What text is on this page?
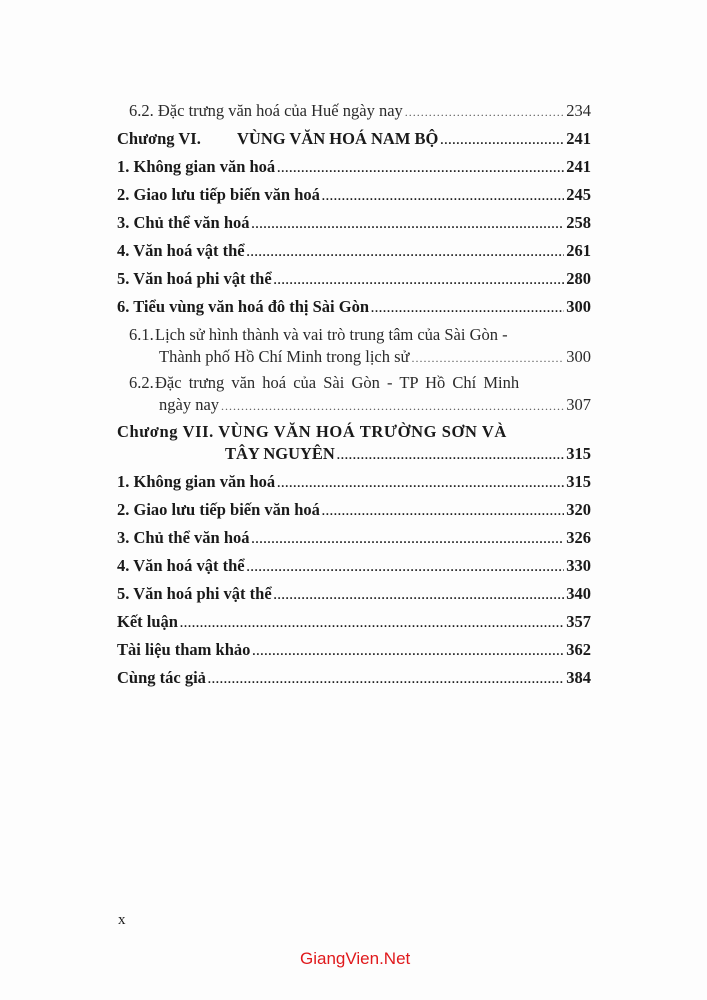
6.2. Đặc trưng văn hoá của Huế ngày nay .....	234
Chương VI. VÙNG VĂN HOÁ NAM BỘ .....	241
1. Không gian văn hoá .....	241
2. Giao lưu tiếp biến văn hoá .....	245
3. Chủ thể văn hoá .....	258
4. Văn hoá vật thể .....	261
5. Văn hoá phi vật thể .....	280
6. Tiểu vùng văn hoá đô thị Sài Gòn .....	300
6.1. Lịch sử hình thành và vai trò trung tâm của Sài Gòn -
Thành phố Hồ Chí Minh trong lịch sử .....	300
6.2. Đặc trưng văn hoá của Sài Gòn - TP Hồ Chí Minh
ngày nay .....	307
Chương VII. VÙNG VĂN HOÁ TRƯỜNG SƠN VÀ
TÂY NGUYÊN .....	315
1. Không gian văn hoá .....	315
2. Giao lưu tiếp biến văn hoá .....	320
3. Chủ thể văn hoá .....	326
4. Văn hoá vật thể .....	330
5. Văn hoá phi vật thể .....	340
Kết luận .....	357
Tài liệu tham khảo .....	362
Cùng tác giả .....	384
x
GiangVien.Net
